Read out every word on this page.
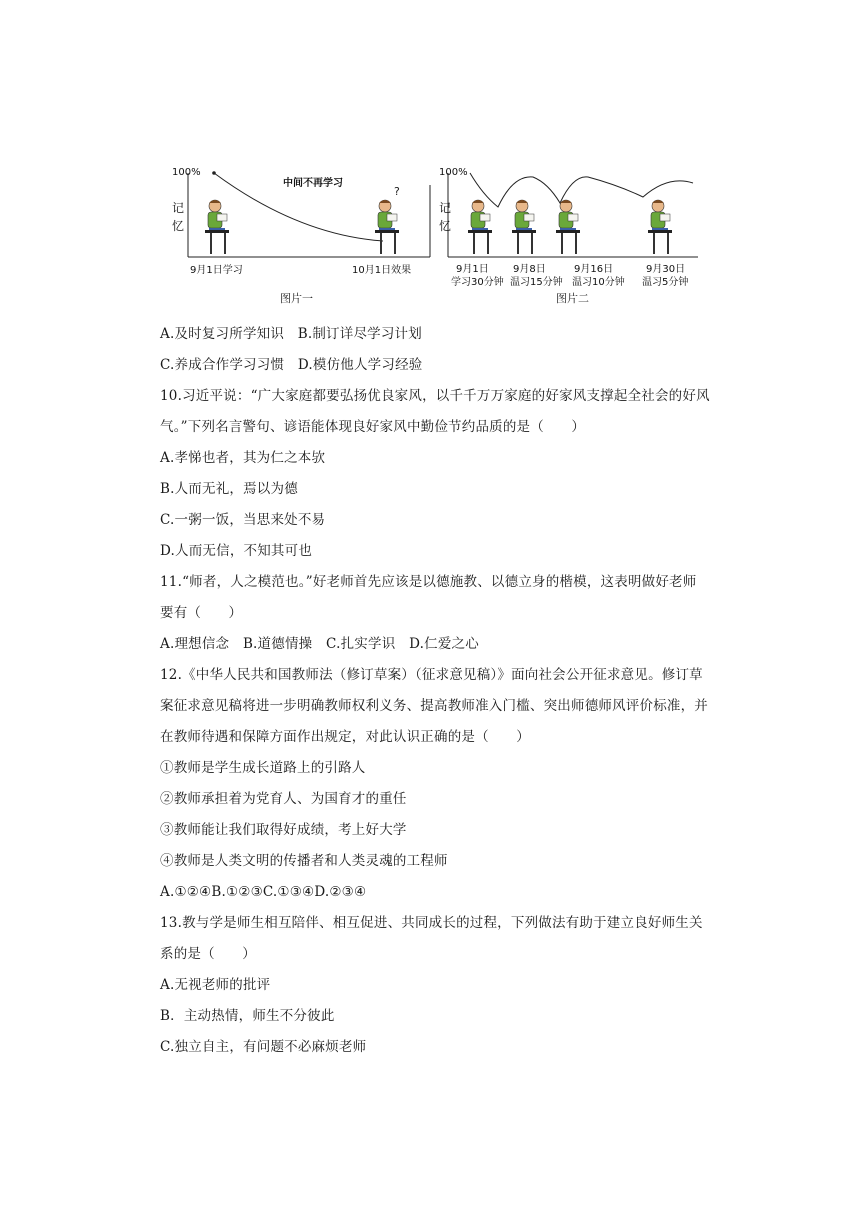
?
100%
记
忆
中间不再学习
9月1日学习	10月1日效果
图片一
100%
记
忆
9月1日
学习30分钟
9月8日
温习15分钟
9月16日
温习10分钟
9月30日
温习5分钟
图片二
A.及时复习所学知识　B.制订详尽学习计划
C.养成合作学习习惯　D.模仿他人学习经验
10.习近平说：“广大家庭都要弘扬优良家风，以千千万万家庭的好家风支撑起全社会的好风
气。”下列名言警句、谚语能体现良好家风中勤俭节约品质的是（　　）
A.孝悌也者，其为仁之本欤
B.人而无礼，焉以为德
C.一粥一饭，当思来处不易
D.人而无信，不知其可也
11.“师者，人之模范也。”好老师首先应该是以德施教、以德立身的楷模，这表明做好老师
要有（　　）
A.理想信念　B.道德情操　C.扎实学识　D.仁爱之心
12.《中华人民共和国教师法（修订草案）（征求意见稿）》面向社会公开征求意见。修订草
案征求意见稿将进一步明确教师权利义务、提高教师准入门槛、突出师德师风评价标准，并
在教师待遇和保障方面作出规定，对此认识正确的是（　　）
①教师是学生成长道路上的引路人
②教师承担着为党育人、为国育才的重任
③教师能让我们取得好成绩，考上好大学
④教师是人类文明的传播者和人类灵魂的工程师
A.①②④B.①②③C.①③④D.②③④
13.教与学是师生相互陪伴、相互促进、共同成长的过程，下列做法有助于建立良好师生关
系的是（　　）
A.无视老师的批评
B．主动热情，师生不分彼此
C.独立自主，有问题不必麻烦老师
